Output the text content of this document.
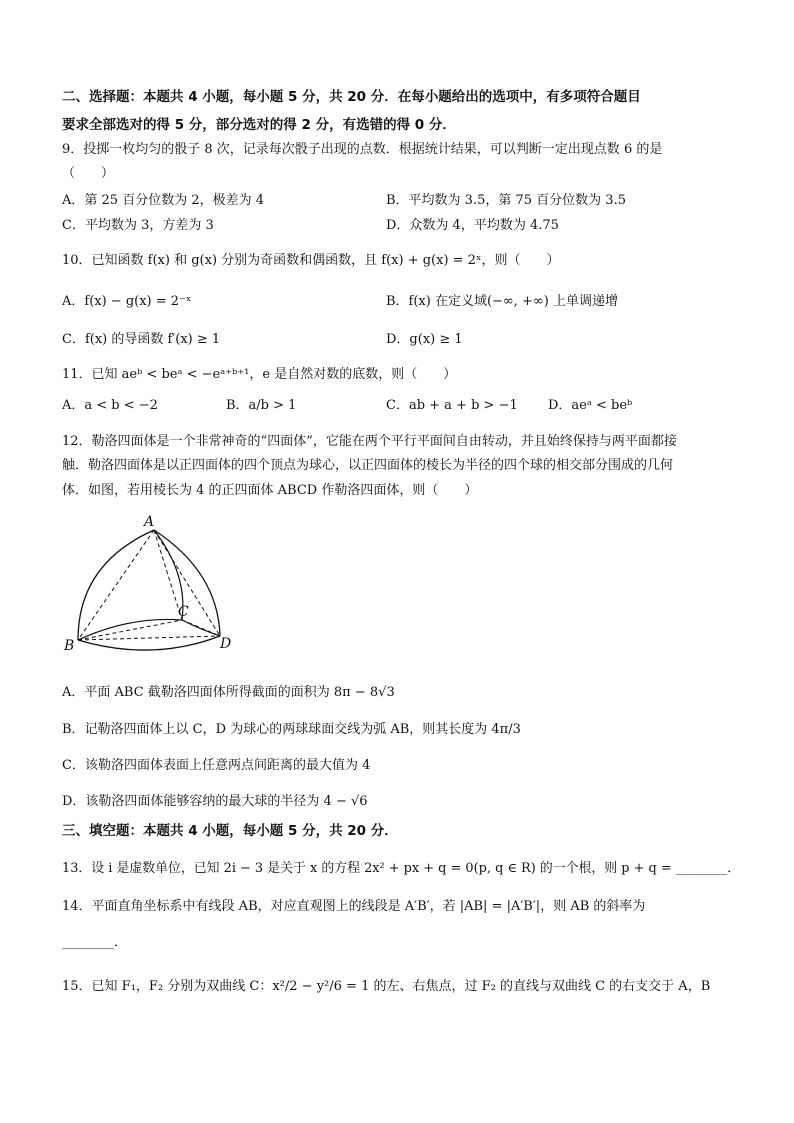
二、选择题：本题共 4 小题，每小题 5 分，共 20 分．在每小题给出的选项中，有多项符合题目
要求全部选对的得 5 分，部分选对的得 2 分，有选错的得 0 分．
9．投掷一枚均匀的骰子 8 次，记录每次骰子出现的点数．根据统计结果，可以判断一定出现点数 6 的是
（　　）
A．第 25 百分位数为 2，极差为 4	B．平均数为 3.5，第 75 百分位数为 3.5
C．平均数为 3，方差为 3	D．众数为 4，平均数为 4.75
10．已知函数 f(x) 和 g(x) 分别为奇函数和偶函数，且 f(x) + g(x) = 2ˣ，则（　　）
A．f(x) − g(x) = 2⁻ˣ	B．f(x) 在定义域(−∞, +∞) 上单调递增
C．f(x) 的导函数 f′(x) ≥ 1	D．g(x) ≥ 1
11．已知 aeᵇ < beᵃ < −eᵃ⁺ᵇ⁺¹，e 是自然对数的底数，则（　　）
A．a < b < −2	B．a/b > 1	C．ab + a + b > −1 D．aeᵃ < beᵇ
12．勒洛四面体是一个非常神奇的“四面体”，它能在两个平行平面间自由转动，并且始终保持与两平面都接
触．勒洛四面体是以正四面体的四个顶点为球心，以正四面体的棱长为半径的四个球的相交部分围成的几何
体．如图，若用棱长为 4 的正四面体 ABCD 作勒洛四面体，则（　　）
A
B
C
D
A．平面 ABC 截勒洛四面体所得截面的面积为 8π − 8√3
B．记勒洛四面体上以 C，D 为球心的两球球面交线为弧 AB，则其长度为 4π/3
C．该勒洛四面体表面上任意两点间距离的最大值为 4
D．该勒洛四面体能够容纳的最大球的半径为 4 − √6
三、填空题：本题共 4 小题，每小题 5 分，共 20 分．
13．设 i 是虚数单位，已知 2i − 3 是关于 x 的方程 2x² + px + q = 0(p, q ∈ R) 的一个根，则 p + q = ________．
14．平面直角坐标系中有线段 AB，对应直观图上的线段是 A′B′，若 |AB| = |A′B′|，则 AB 的斜率为
________．
15．已知 F₁，F₂ 分别为双曲线 C：x²/2 − y²/6 = 1 的左、右焦点，过 F₂ 的直线与双曲线 C 的右支交于 A，B
